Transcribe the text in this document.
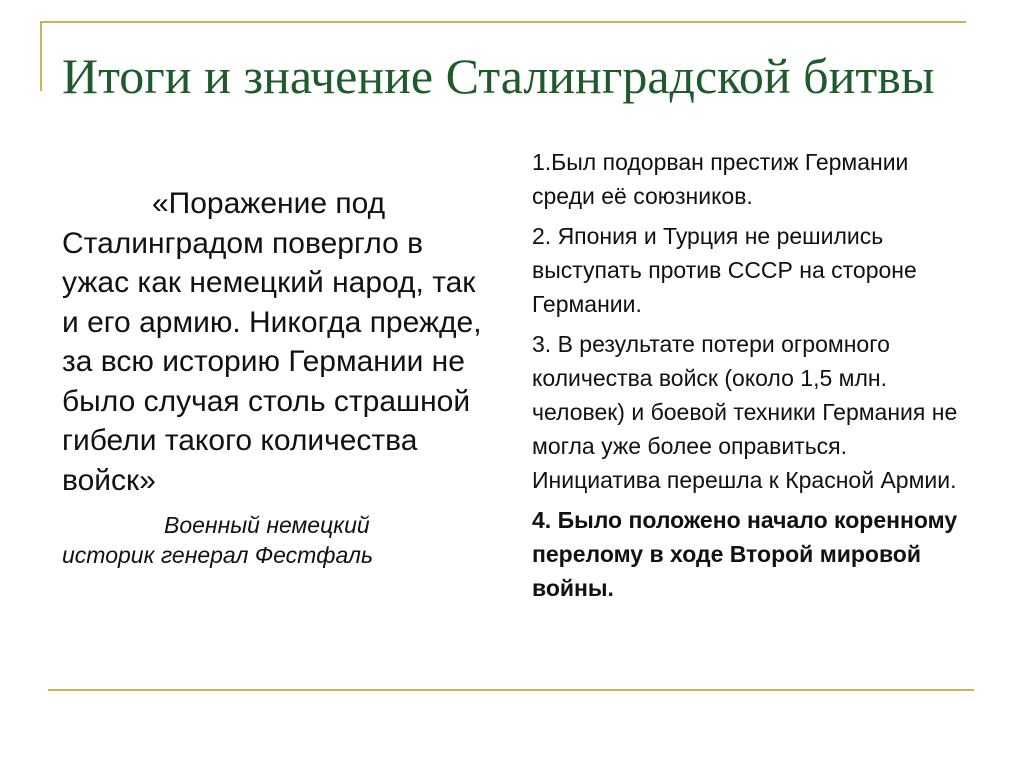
Итоги и значение Сталинградской битвы

«Поражение под Сталинградом повергло в ужас как немецкий народ, так и его армию. Никогда прежде, за всю историю Германии не было случая столь страшной гибели такого количества войск»

Военный немецкий
историк генерал Фестфаль

1.Был подорван престиж Германии среди её союзников.
2. Япония и Турция не решились выступать против СССР на стороне Германии.
3. В результате потери огромного количества войск (около 1,5 млн. человек) и боевой техники Германия не могла уже более оправиться. Инициатива перешла к Красной Армии.
4. Было положено начало коренному перелому в ходе Второй мировой войны.
